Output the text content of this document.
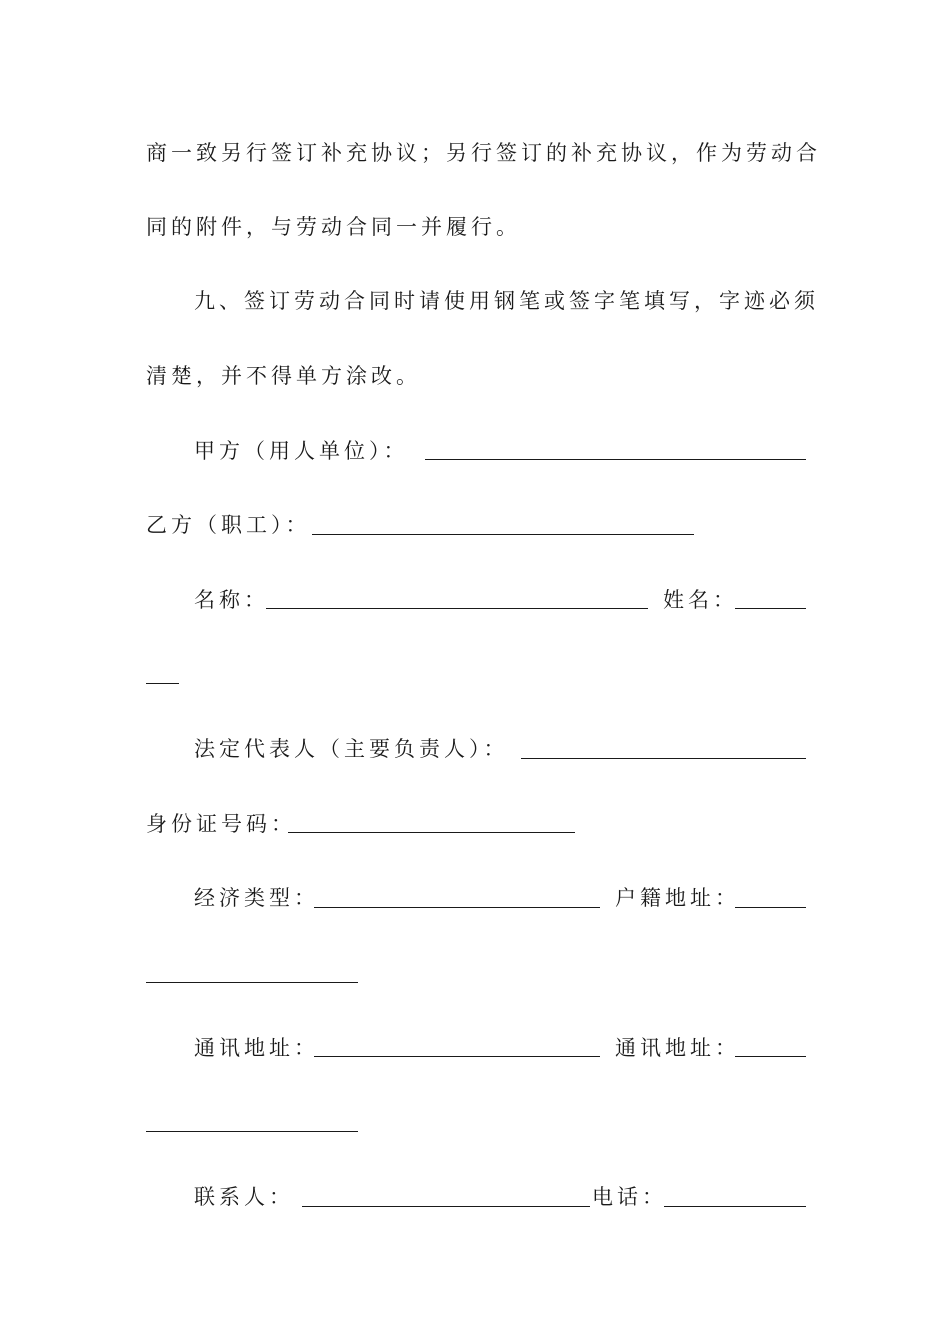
商一致另行签订补充协议；另行签订的补充协议，作为劳动合
同的附件，与劳动合同一并履行。
九、签订劳动合同时请使用钢笔或签字笔填写，字迹必须
清楚，并不得单方涂改。
甲方（用人单位）：
乙方（职工）：
名称：	姓名：
法定代表人（主要负责人）：
身份证号码：
经济类型：	户籍地址：
通讯地址：	通讯地址：
联系人：	电话：
